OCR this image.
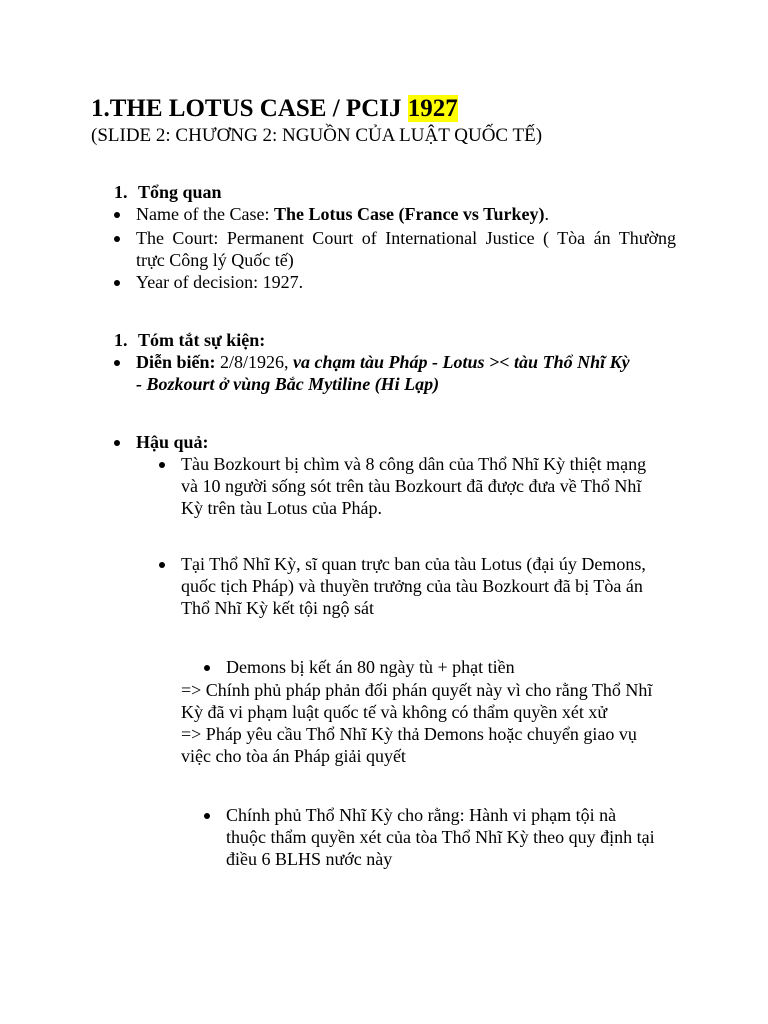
1.THE LOTUS CASE / PCIJ 1927
(SLIDE 2: CHƯƠNG 2: NGUỒN CỦA LUẬT QUỐC TẾ)
1. Tổng quan
Name of the Case: The Lotus Case (France vs Turkey).
The Court: Permanent Court of International Justice ( Tòa án Thường
trực Công lý Quốc tế)
Year of decision: 1927.
1. Tóm tắt sự kiện:
Diễn biến: 2/8/1926, va chạm tàu Pháp - Lotus >< tàu Thổ Nhĩ Kỳ
- Bozkourt ở vùng Bắc Mytiline (Hi Lạp)
Hậu quả:
Tàu Bozkourt bị chìm và 8 công dân của Thổ Nhĩ Kỳ thiệt mạng
và 10 người sống sót trên tàu Bozkourt đã được đưa về Thổ Nhĩ
Kỳ trên tàu Lotus của Pháp.
Tại Thổ Nhĩ Kỳ, sĩ quan trực ban của tàu Lotus (đại úy Demons,
quốc tịch Pháp) và thuyền trưởng của tàu Bozkourt đã bị Tòa án
Thổ Nhĩ Kỳ kết tội ngộ sát
Demons bị kết án 80 ngày tù + phạt tiền
=> Chính phủ pháp phản đối phán quyết này vì cho rằng Thổ Nhĩ
Kỳ đã vi phạm luật quốc tế và không có thẩm quyền xét xử
=> Pháp yêu cầu Thổ Nhĩ Kỳ thả Demons hoặc chuyển giao vụ
việc cho tòa án Pháp giải quyết
Chính phủ Thổ Nhĩ Kỳ cho rằng: Hành vi phạm tội nà
thuộc thẩm quyền xét của tòa Thổ Nhĩ Kỳ theo quy định tại
điều 6 BLHS nước này
